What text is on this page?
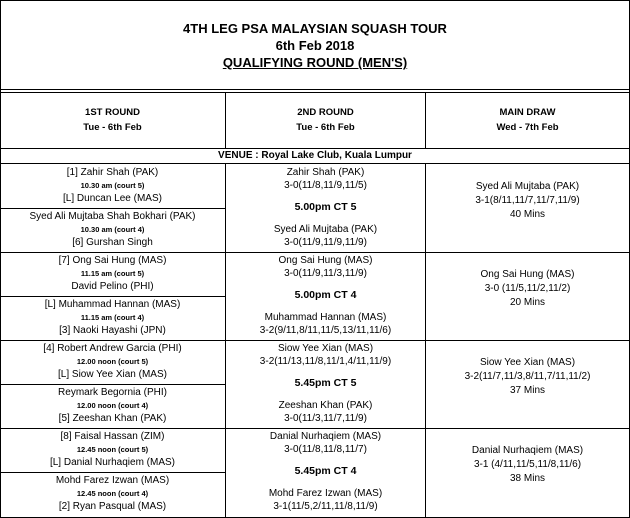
4TH LEG PSA MALAYSIAN SQUASH TOUR
6th Feb 2018
QUALIFYING ROUND (MEN'S)
1ST ROUND
Tue - 6th Feb
2ND ROUND
Tue - 6th Feb
MAIN DRAW
Wed - 7th Feb
VENUE : Royal Lake Club, Kuala Lumpur
[1] Zahir Shah (PAK)
10.30 am (court 5)
[L] Duncan Lee (MAS)
Syed Ali Mujtaba Shah Bokhari (PAK)
10.30 am (court 4)
[6] Gurshan Singh
Zahir Shah (PAK)
3-0(11/8,11/9,11/5)
5.00pm CT 5
Syed Ali Mujtaba (PAK)
3-0(11/9,11/9,11/9)
Syed Ali Mujtaba (PAK)
3-1(8/11,11/7,11/7,11/9)
40 Mins
[7] Ong Sai Hung (MAS)
11.15 am (court 5)
David Pelino (PHI)
[L] Muhammad Hannan (MAS)
11.15 am (court 4)
[3] Naoki Hayashi (JPN)
Ong Sai Hung (MAS)
3-0(11/9,11/3,11/9)
5.00pm CT 4
Muhammad Hannan (MAS)
3-2(9/11,8/11,11/5,13/11,11/6)
Ong Sai Hung (MAS)
3-0 (11/5,11/2,11/2)
20 Mins
[4] Robert Andrew Garcia (PHI)
12.00 noon (court 5)
[L] Siow Yee Xian (MAS)
Reymark Begornia (PHI)
12.00 noon (court 4)
[5] Zeeshan Khan (PAK)
Siow Yee Xian (MAS)
3-2(11/13,11/8,11/1,4/11,11/9)
5.45pm CT 5
Zeeshan Khan (PAK)
3-0(11/3,11/7,11/9)
Siow Yee Xian (MAS)
3-2(11/7,11/3,8/11,7/11,11/2)
37 Mins
[8] Faisal Hassan (ZIM)
12.45 noon (court 5)
[L] Danial Nurhaqiem (MAS)
Mohd Farez Izwan (MAS)
12.45 noon (court 4)
[2] Ryan Pasqual (MAS)
Danial Nurhaqiem (MAS)
3-0(11/8,11/8,11/7)
5.45pm CT 4
Mohd Farez Izwan (MAS)
3-1(11/5,2/11,11/8,11/9)
Danial Nurhaqiem (MAS)
3-1 (4/11,11/5,11/8,11/6)
38 Mins
